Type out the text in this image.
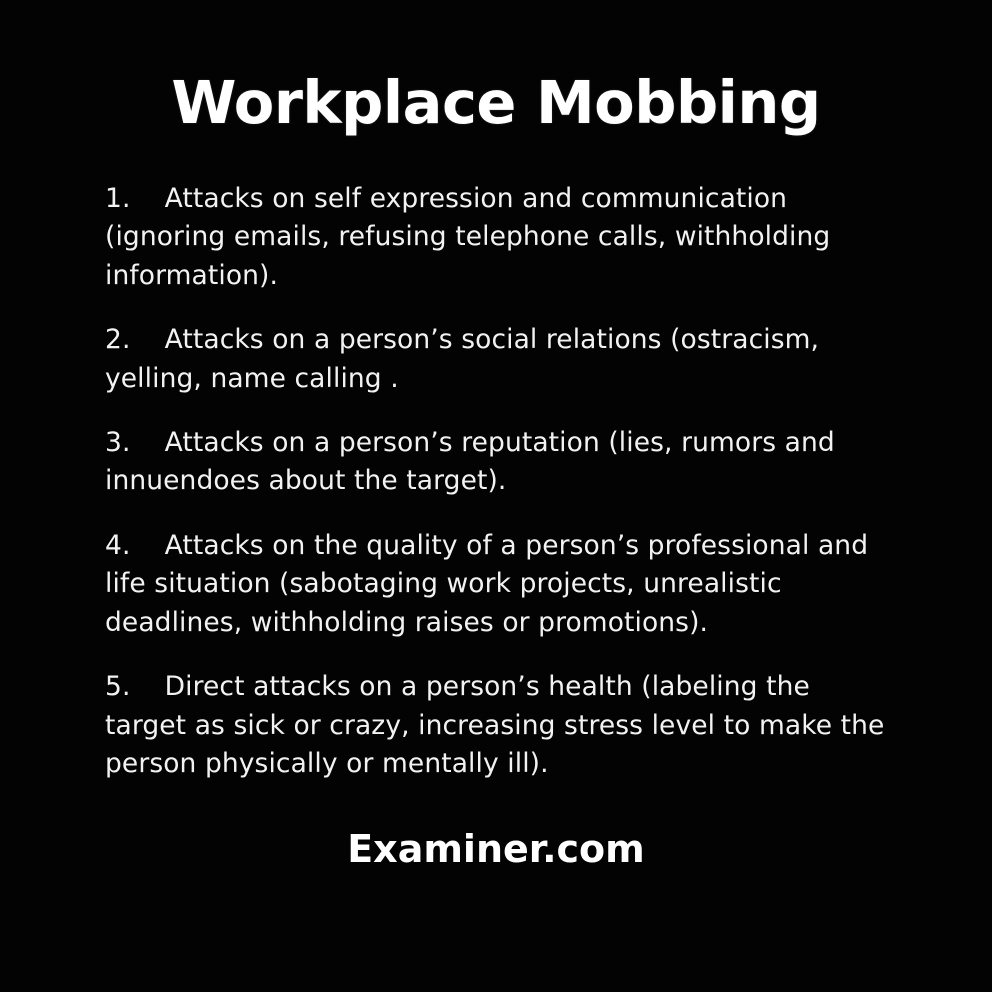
Workplace Mobbing
1. Attacks on self expression and communication (ignoring emails, refusing telephone calls, withholding information).
2.    Attacks on a person’s social relations (ostracism, yelling, name calling .
3. Attacks on a person’s reputation (lies, rumors and innuendoes about the target).
4. Attacks on the quality of a person’s professional and life situation (sabotaging work projects, unrealistic deadlines, withholding raises or promotions).
5. Direct attacks on a person’s health (labeling the target as sick or crazy, increasing stress level to make the person physically or mentally ill).
Examiner.com
